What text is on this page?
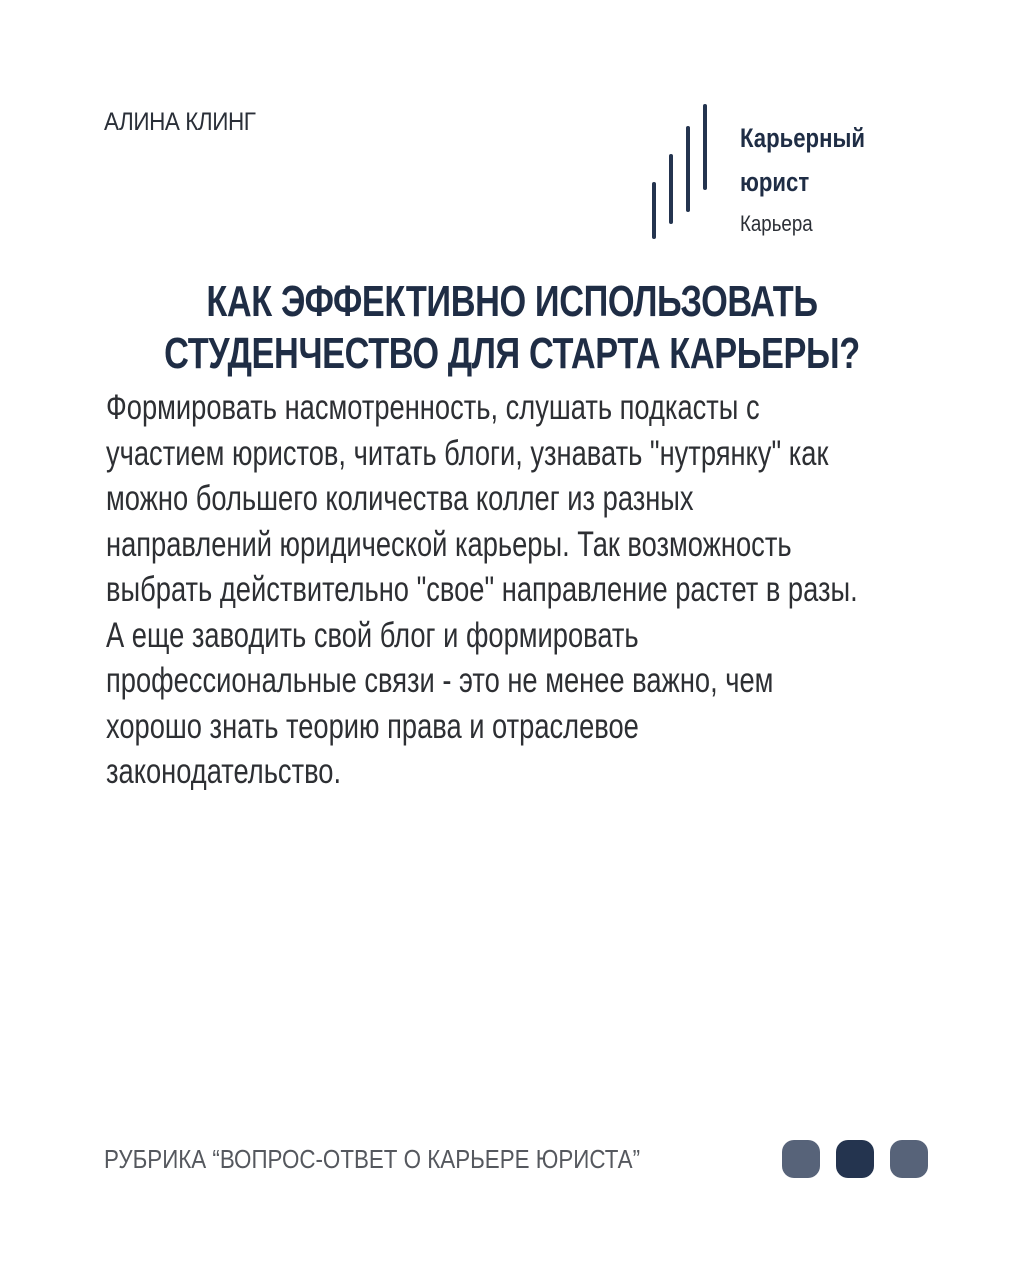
АЛИНА КЛИНГ
Карьерный
юрист
Карьера
КАК ЭФФЕКТИВНО ИСПОЛЬЗОВАТЬ
СТУДЕНЧЕСТВО ДЛЯ СТАРТА КАРЬЕРЫ?
Формировать насмотренность, слушать подкасты с
участием юристов, читать блоги, узнавать "нутрянку" как
можно большего количества коллег из разных
направлений юридической карьеры. Так возможность
выбрать действительно "свое" направление растет в разы.
А еще заводить свой блог и формировать
профессиональные связи - это не менее важно, чем
хорошо знать теорию права и отраслевое
законодательство.
РУБРИКА “ВОПРОС-ОТВЕТ О КАРЬЕРЕ ЮРИСТА”
